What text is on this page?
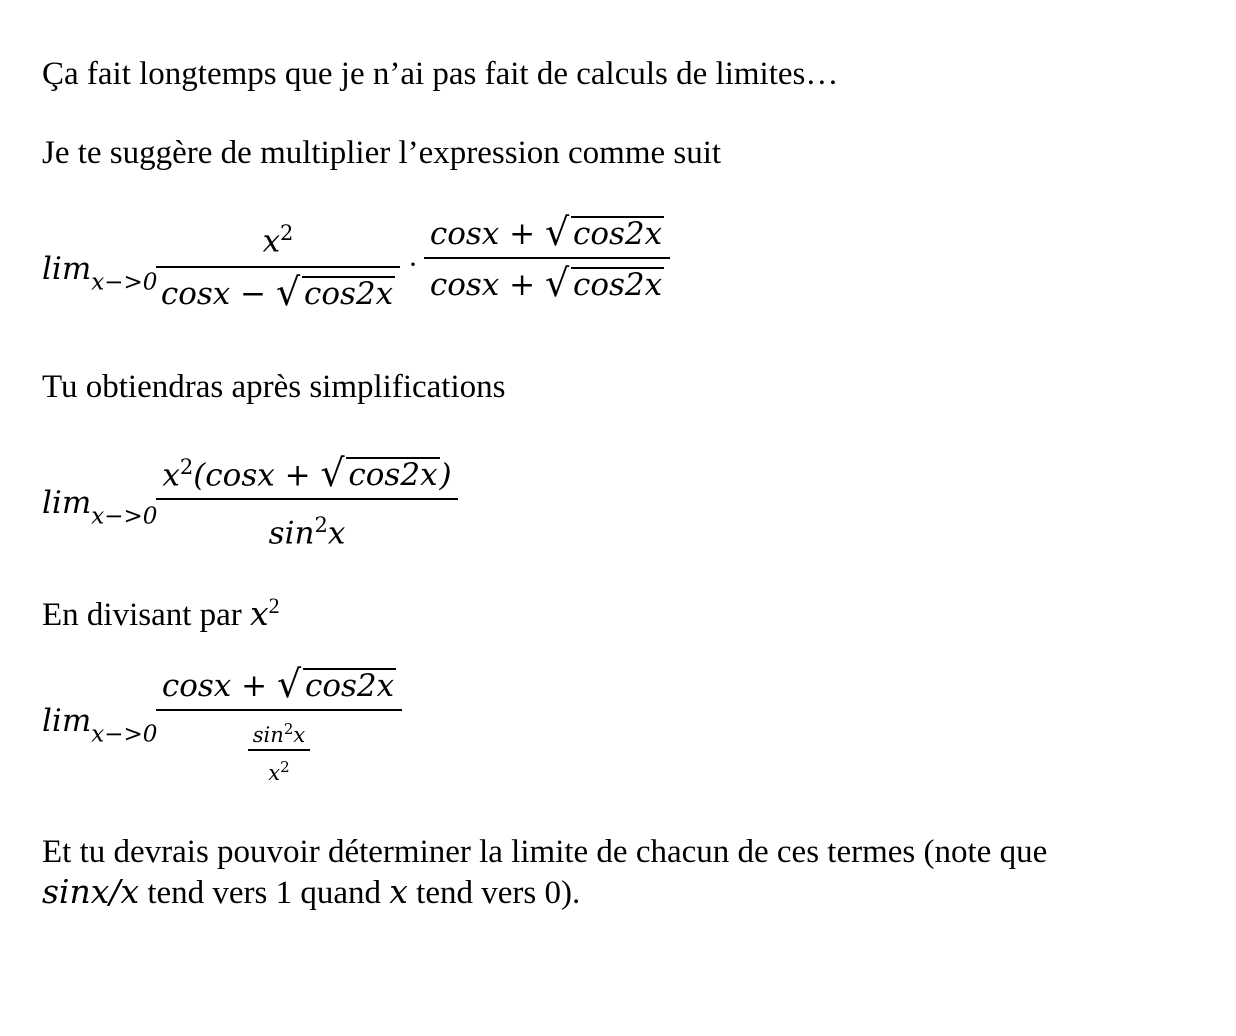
Ça fait longtemps que je n’ai pas fait de calculs de limites…
Je te suggère de multiplier l’expression comme suit
$\lim_{x->0}$
$x^2$
cosx − √ cos2x
·
cosx + √ cos2x
cosx + √ cos2x
Tu obtiendras après simplifications
$\lim_{x->0}$
$x^2(\cos x$ + √ cos2x)
$\sin^2x$
En divisant par $x^2$
$\lim_{x->0}$
cosx + √ cos2x
$\frac{\sin^2x}{x^2}$
Et tu devrais pouvoir déterminer la limite de chacun de ces termes (note que
sinx/x tend vers 1 quand x tend vers 0).
